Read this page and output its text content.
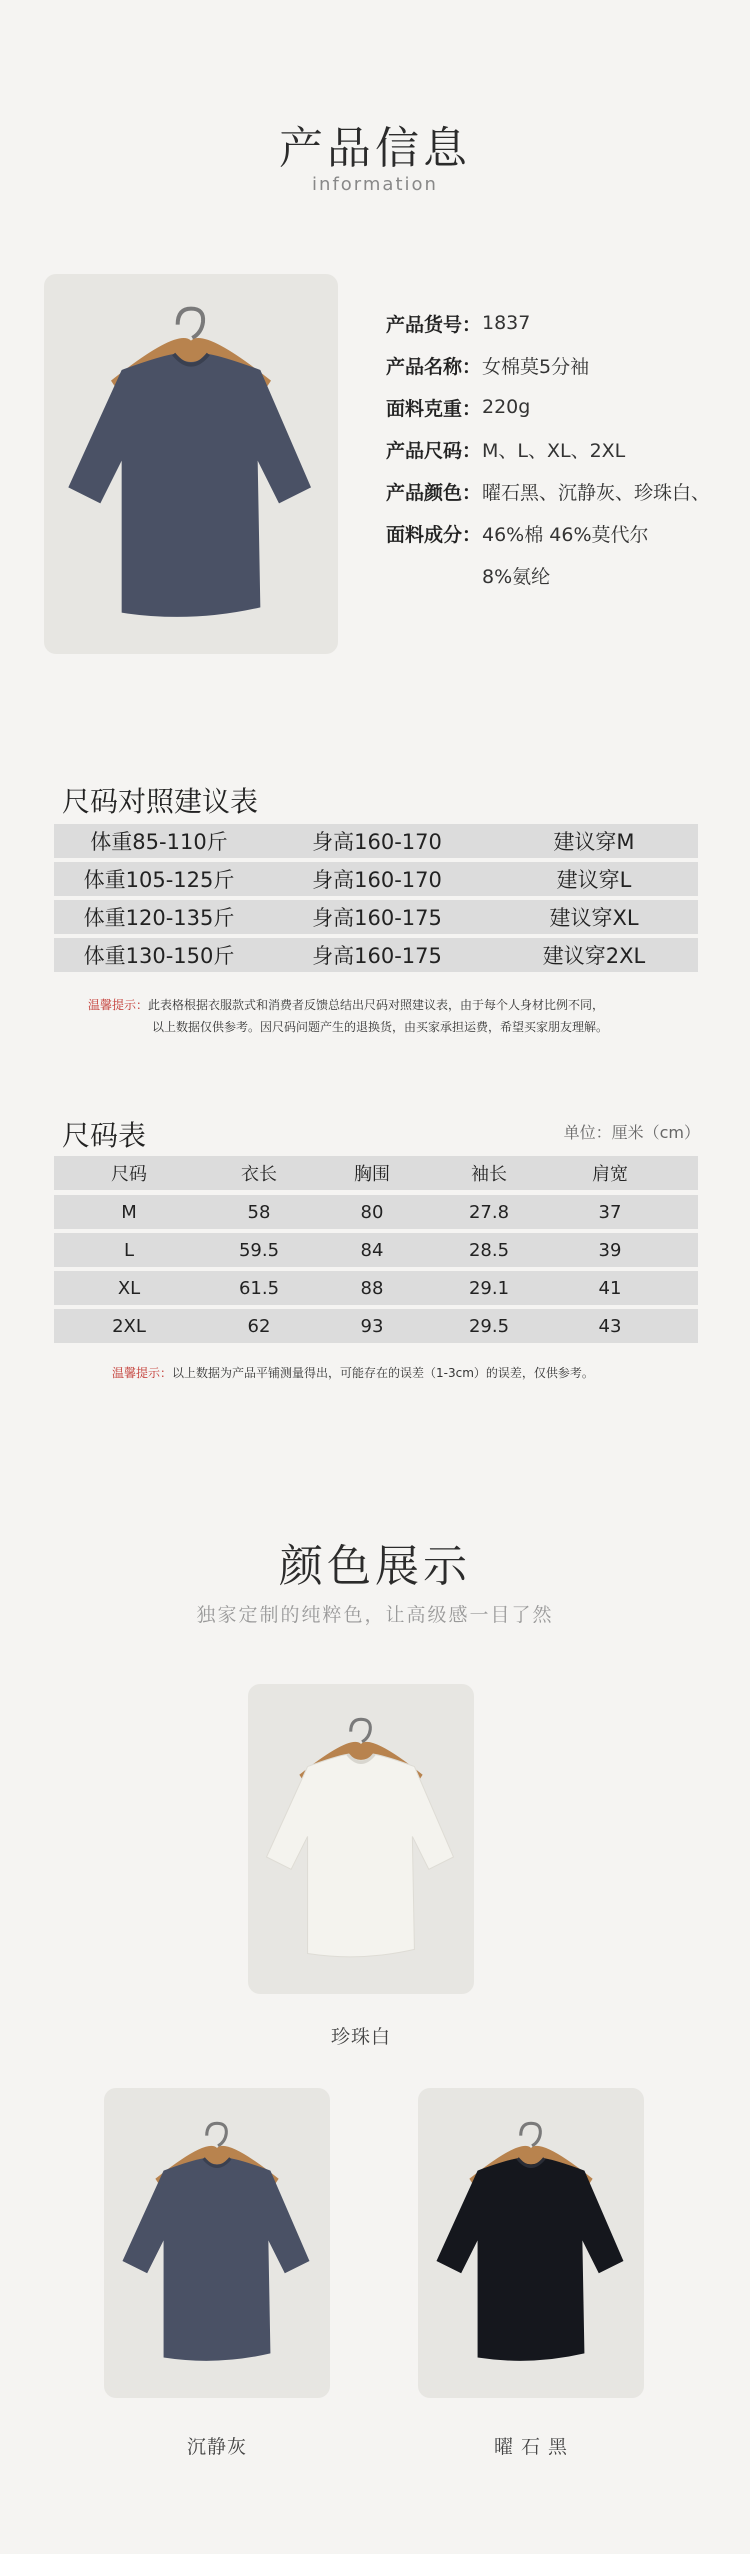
产品信息
information
产品货号： 1837
产品名称： 女棉莫5分袖
面料克重： 220g
产品尺码： M、L、XL、2XL
产品颜色： 曜石黑、沉静灰、珍珠白、
面料成分： 46%棉 46%莫代尔
8%氨纶
尺码对照建议表
体重85-110斤	身高160-170	建议穿M
体重105-125斤	身高160-170	建议穿L
体重120-135斤	身高160-175	建议穿XL
体重130-150斤	身高160-175	建议穿2XL
温馨提示：此表格根据衣服款式和消费者反馈总结出尺码对照建议表，由于每个人身材比例不同，
以上数据仅供参考。因尺码问题产生的退换货，由买家承担运费，希望买家朋友理解。
尺码表	单位：厘米（cm）
尺码	衣长	胸围	袖长	肩宽
M	58	80	27.8	37
L	59.5	84	28.5	39
XL	61.5	88	29.1	41
2XL	62	93	29.5	43
温馨提示：以上数据为产品平铺测量得出，可能存在的误差（1-3cm）的误差，仅供参考。
颜色展示
独家定制的纯粹色，让高级感一目了然
珍珠白
沉静灰	曜 石 黑
